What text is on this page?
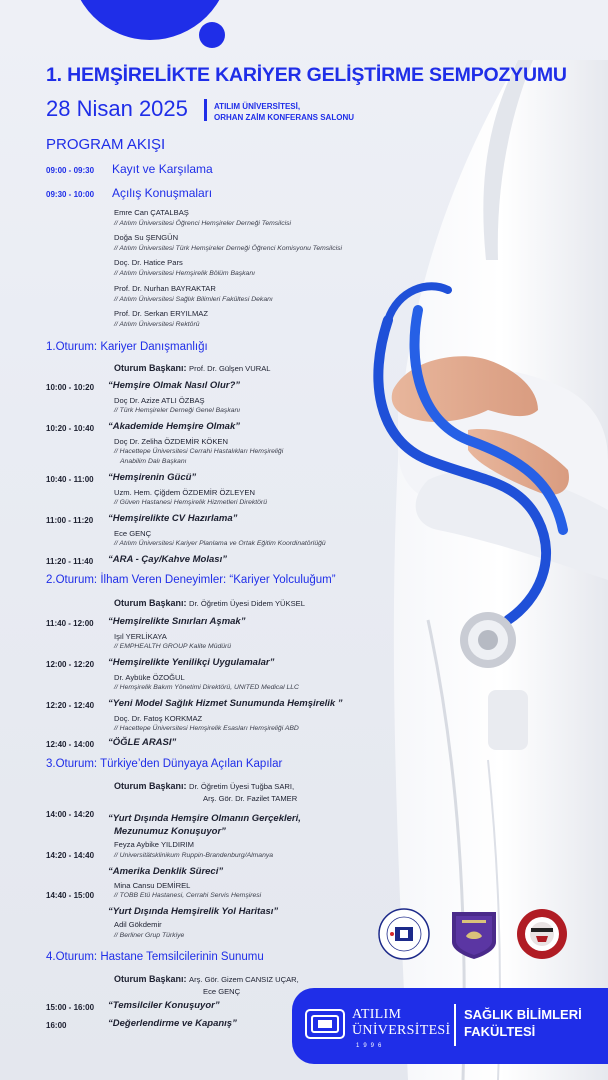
1. HEMŞİRELİKTE KARİYER GELİŞTİRME SEMPOZYUMU
28 Nisan 2025	ATILIM ÜNİVERSİTESİ,
ORHAN ZAİM KONFERANS SALONU
PROGRAM AKIŞI
09:00 - 09:30 Kayıt ve Karşılama
09:30 - 10:00 Açılış Konuşmaları
Emre Can ÇATALBAŞ
// Atılım Üniversitesi Öğrenci Hemşireler Derneği Temsilcisi
Doğa Su ŞENGÜN
// Atılım Üniversitesi Türk Hemşireler Derneği Öğrenci Komisyonu Temsilcisi
Doç. Dr. Hatice Pars
// Atılım Üniversitesi Hemşirelik Bölüm Başkanı
Prof. Dr. Nurhan BAYRAKTAR
// Atılım Üniversitesi Sağlık Bilimleri Fakültesi Dekanı
Prof. Dr. Serkan ERYILMAZ
// Atılım Üniversitesi Rektörü
1.Oturum: Kariyer Danışmanlığı
Oturum Başkanı: Prof. Dr. Gülşen VURAL
10:00 - 10:20 “Hemşire Olmak Nasıl Olur?”
Doç Dr. Azize ATLI ÖZBAŞ
// Türk Hemşireler Derneği Genel Başkanı
10:20 - 10:40 “Akademide Hemşire Olmak”
Doç Dr. Zeliha ÖZDEMİR KÖKEN
// Hacettepe Üniversitesi Cerrahi Hastalıkları Hemşireliği
Anabilim Dalı Başkanı
10:40 - 11:00 “Hemşirenin Gücü”
Uzm. Hem. Çiğdem ÖZDEMİR ÖZLEYEN
// Güven Hastanesi Hemşirelik Hizmetleri Direktörü
11:00 - 11:20 “Hemşirelikte CV Hazırlama”
Ece GENÇ
// Atılım Üniversitesi Kariyer Planlama ve Ortak Eğitim Koordinatörlüğü
11:20 - 11:40 “ARA - Çay/Kahve Molası”
2.Oturum: İlham Veren Deneyimler: “Kariyer Yolculuğum”
Oturum Başkanı: Dr. Öğretim Üyesi Didem YÜKSEL
11:40 - 12:00 “Hemşirelikte Sınırları Aşmak”
Işıl YERLİKAYA
// EMPHEALTH GROUP Kalite Müdürü
12:00 - 12:20 “Hemşirelikte Yenilikçi Uygulamalar”
Dr. Aybüke ÖZOĞUL
// Hemşirelik Bakım Yönetimi Direktörü, UNITED Medical LLC
12:20 - 12:40 “Yeni Model Sağlık Hizmet Sunumunda Hemşirelik ”
Doç. Dr. Fatoş KORKMAZ
// Hacettepe Üniversitesi Hemşirelik Esasları Hemşireliği ABD
12:40 - 14:00 “ÖĞLE ARASI”
3.Oturum: Türkiye’den Dünyaya Açılan Kapılar
Oturum Başkanı: Dr. Öğretim Üyesi Tuğba SARI,
Arş. Gör. Dr. Fazilet TAMER
14:00 - 14:20 “Yurt Dışında Hemşire Olmanın Gerçekleri,
Mezunumuz Konuşuyor”
Feyza Aybike YILDIRIM
14:20 - 14:40	// Universitätsklinikum Ruppin-Brandenburg/Almanya
“Amerika Denklik Süreci”
Mina Cansu DEMİREL
14:40 - 15:00	// TOBB Etü Hastanesi, Cerrahi Servis Hemşiresi
“Yurt Dışında Hemşirelik Yol Haritası”
Adil Gökdemir
// Berliner Grup Türkiye
4.Oturum: Hastane Temsilcilerinin Sunumu
Oturum Başkanı: Arş. Gör. Gizem CANSIZ UÇAR,
Ece GENÇ
15:00 - 16:00 “Temsilciler Konuşuyor”
16:00	“Değerlendirme ve Kapanış”
ATILIM
ÜNİVERSİTESİ
1996
SAĞLIK BİLİMLERİ
FAKÜLTESİ
